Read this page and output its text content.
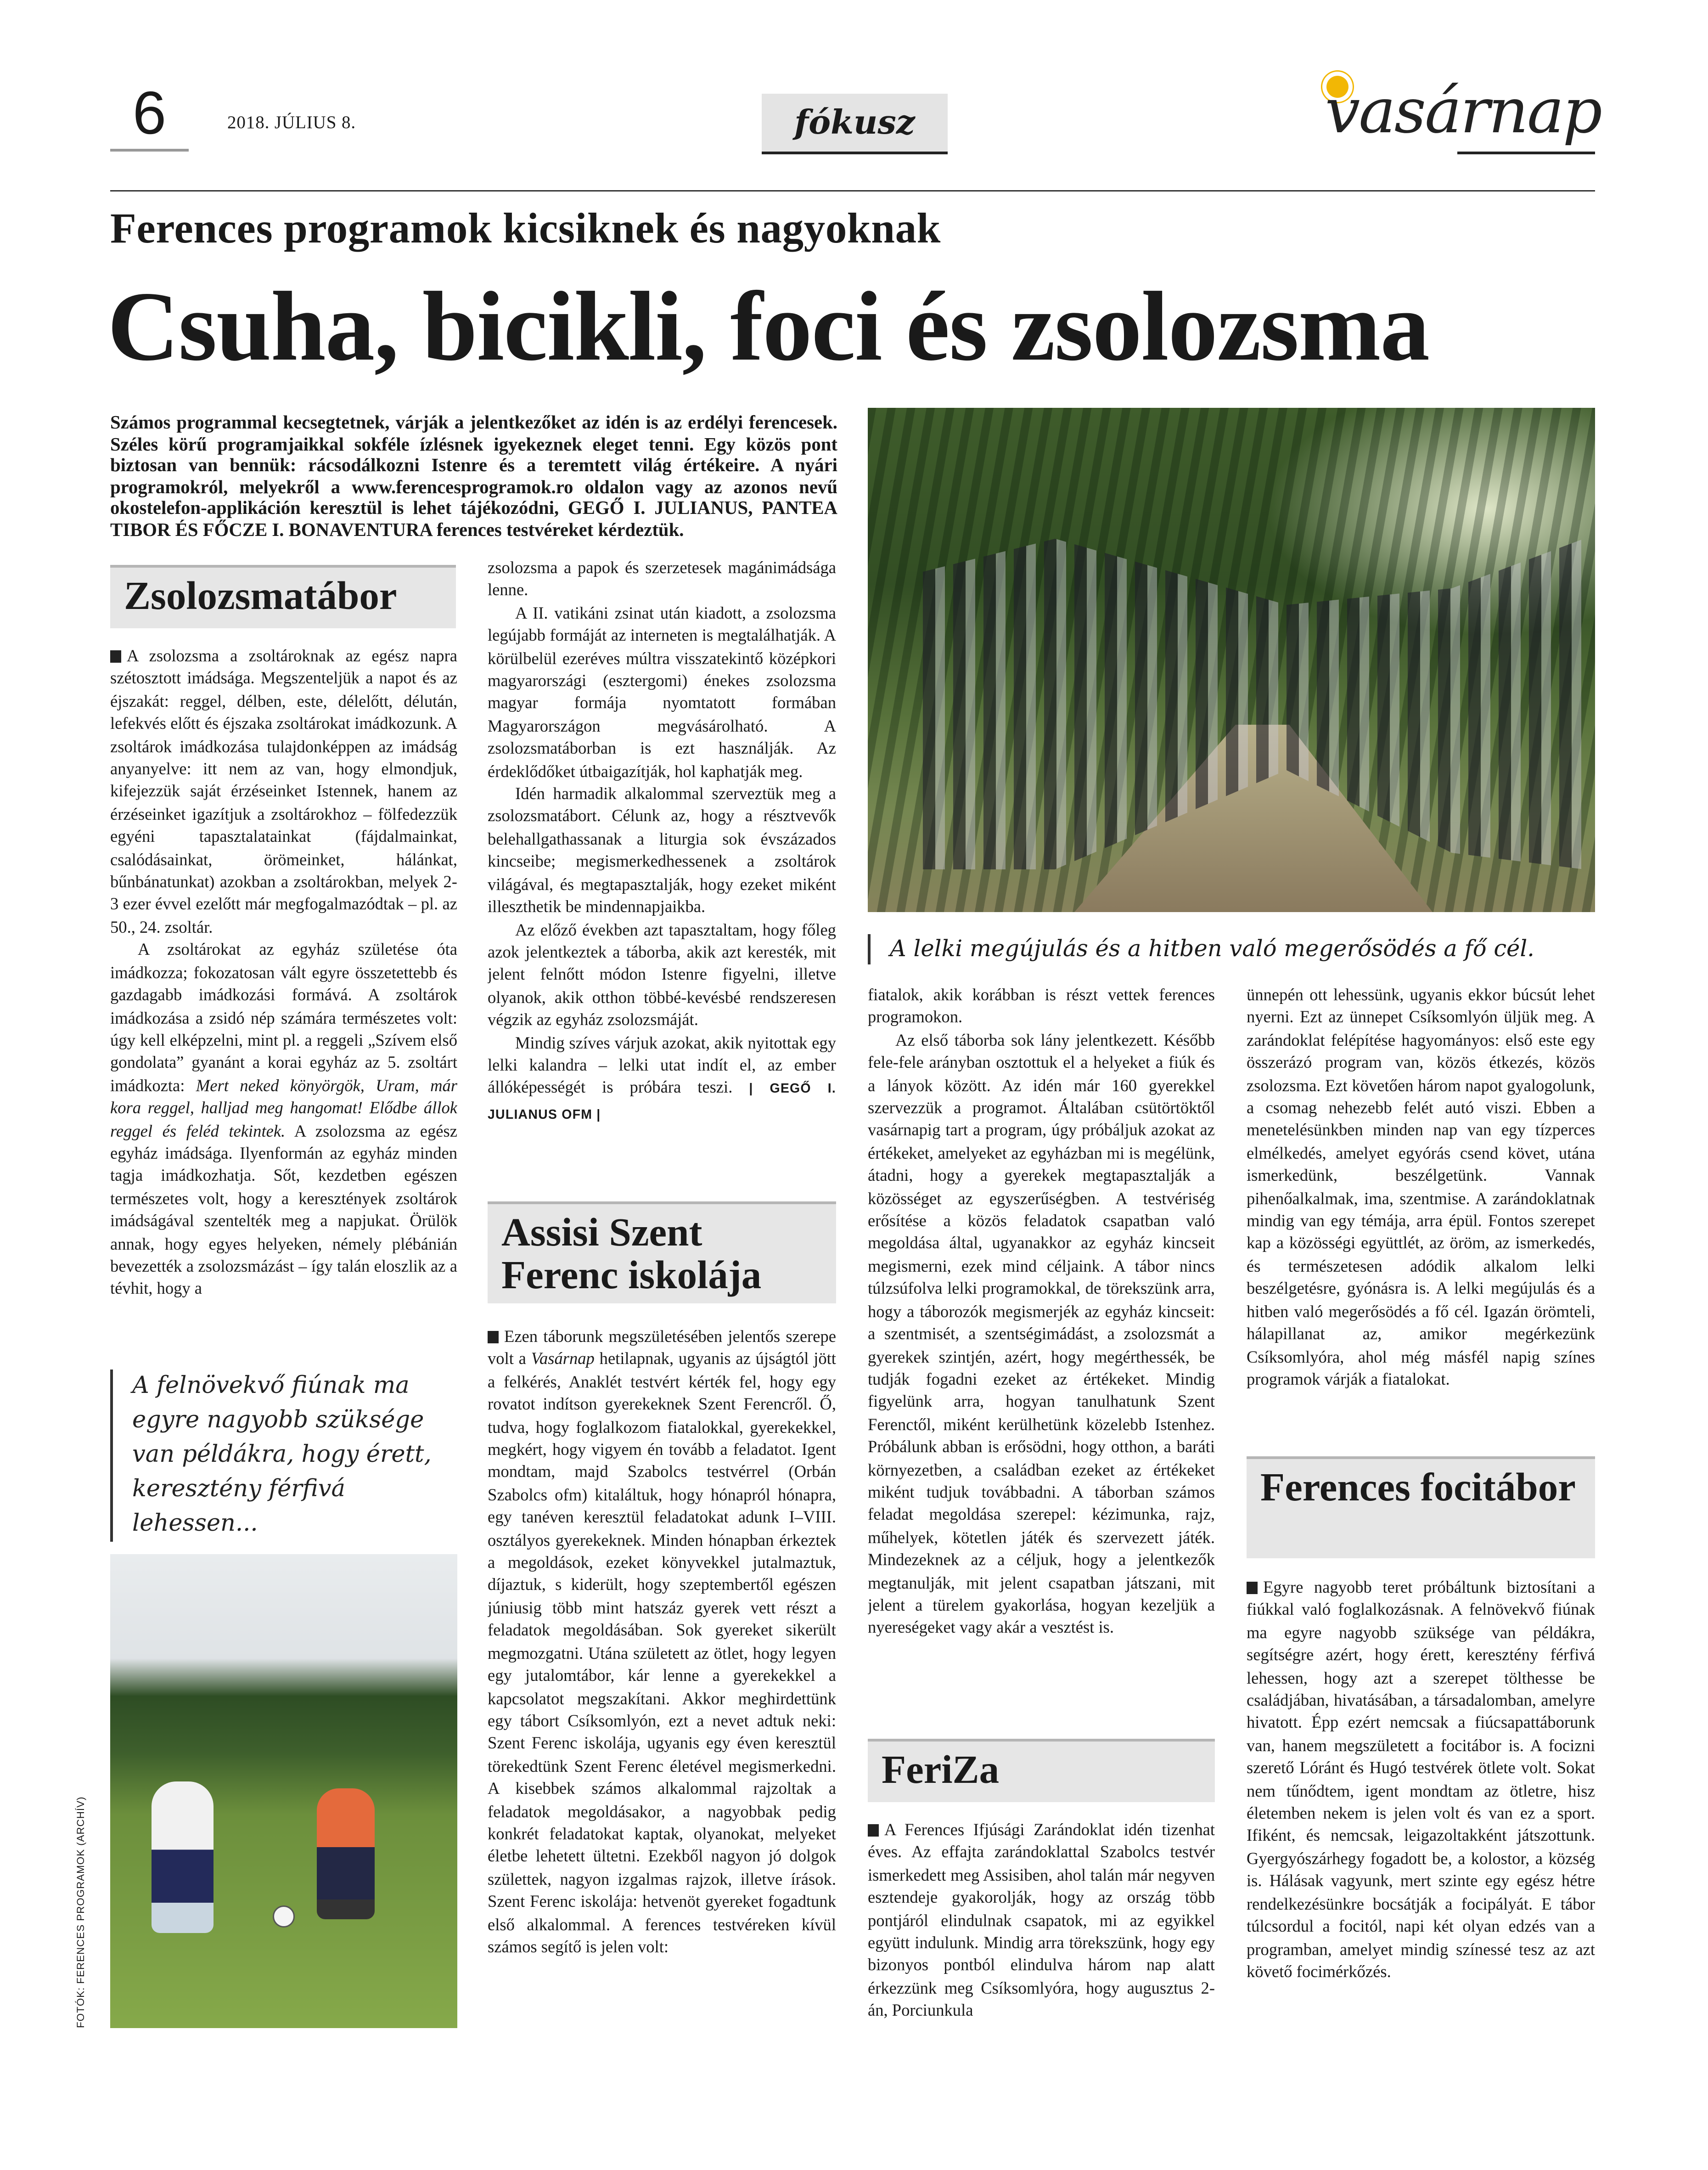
6	2018. JÚLIUS 8.	fókusz	vasárnap
Ferences programok kicsiknek és nagyoknak
Csuha, bicikli, foci és zsolozsma
Számos programmal kecsegtetnek, várják a jelentkezőket az idén is az erdélyi ferencesek. Széles körű programjaikkal sokféle ízlésnek igyekeznek eleget tenni. Egy közös pont biztosan van bennük: rácsodálkozni Istenre és a teremtett világ értékeire. A nyári programokról, melyekről a www.ferencesprogramok.ro oldalon vagy az azonos nevű okostelefon-applikáción keresztül is lehet tájékozódni, GEGŐ I. JULIANUS, PANTEA TIBOR ÉS FŐCZE I. BONAVENTURA ferences testvéreket kérdeztük.
A lelki megújulás és a hitben való megerősödés a fő cél.
Zsolozsmatábor

A zsolozsma a zsoltároknak az egész napra szétosztott imádsága. Megszenteljük a napot és az éjszakát: reggel, délben, este, délelőtt, délután, lefekvés előtt és éjszaka zsoltárokat imádkozunk. A zsoltárok imádkozása tulajdonképpen az imádság anyanyelve: itt nem az van, hogy elmondjuk, kifejezzük saját érzéseinket Istennek, hanem az érzéseinket igazítjuk a zsoltárokhoz – fölfedezzük egyéni tapasztalatainkat (fájdalmainkat, csalódásainkat, örömeinket, hálánkat, bűnbánatunkat) azokban a zsoltárokban, melyek 2-3 ezer évvel ezelőtt már megfogalmazódtak – pl. az 50., 24. zsoltár.

A zsoltárokat az egyház születése óta imádkozza; fokozatosan vált egyre összetettebb és gazdagabb imádkozási formává. A zsoltárok imádkozása a zsidó nép számára természetes volt: úgy kell elképzelni, mint pl. a reggeli „Szívem első gondolata” gyanánt a korai egyház az 5. zsoltárt imádkozta: Mert neked könyörgök, Uram, már kora reggel, halljad meg hangomat! Elődbe állok reggel és feléd tekintek. A zsolozsma az egész egyház imádsága. Ilyenformán az egyház minden tagja imádkozhatja. Sőt, kezdetben egészen természetes volt, hogy a keresztények zsoltárok imádságával szentelték meg a napjukat. Örülök annak, hogy egyes helyeken, némely plébánián bevezették a zsolozsmázást – így talán eloszlik az a tévhit, hogy a

A felnövekvő fiúnak ma egyre nagyobb szüksége van példákra, hogy érett, keresztény férfivá lehessen...
FOTÓK: FERENCES PROGRAMOK (ARCHÍV)

zsolozsma a papok és szerzetesek magánimádsága lenne.

A II. vatikáni zsinat után kiadott, a zsolozsma legújabb formáját az interneten is megtalálhatják. A körülbelül ezeréves múltra visszatekintő középkori magyarországi (esztergomi) énekes zsolozsma magyar formája nyomtatott formában Magyarországon megvásárolható. A zsolozsmatáborban is ezt használják. Az érdeklődőket útbaigazítják, hol kaphatják meg.

Idén harmadik alkalommal szerveztük meg a zsolozsmatábort. Célunk az, hogy a résztvevők belehallgathassanak a liturgia sok évszázados kincseibe; megismerkedhessenek a zsoltárok világával, és megtapasztalják, hogy ezeket miként illeszthetik be mindennapjaikba.

Az előző években azt tapasztaltam, hogy főleg azok jelentkeztek a táborba, akik azt keresték, mit jelent felnőtt módon Istenre figyelni, illetve olyanok, akik otthon többé-kevésbé rendszeresen végzik az egyház zsolozsmáját.

Mindig szíves várjuk azokat, akik nyitottak egy lelki kalandra – lelki utat indít el, az ember állóképességét is próbára teszi.	| GEGŐ I. JULIANUS OFM |

Assisi Szent Ferenc iskolája

Ezen táborunk megszületésében jelentős szerepe volt a Vasárnap hetilapnak, ugyanis az újságtól jött a felkérés, Anaklét testvért kérték fel, hogy egy rovatot indítson gyerekeknek Szent Ferencről. Ő, tudva, hogy foglalkozom fiatalokkal, gyerekekkel, megkért, hogy vigyem én tovább a feladatot. Igent mondtam, majd Szabolcs testvérrel (Orbán Szabolcs ofm) kitaláltuk, hogy hónapról hónapra, egy tanéven keresztül feladatokat adunk I–VIII. osztályos gyerekeknek. Minden hónapban érkeztek a megoldások, ezeket könyvekkel jutalmaztuk, díjaztuk, s kiderült, hogy szeptembertől egészen júniusig több mint hatszáz gyerek vett részt a feladatok megoldásában. Sok gyereket sikerült megmozgatni. Utána született az ötlet, hogy legyen egy jutalomtábor, kár lenne a gyerekekkel a kapcsolatot megszakítani. Akkor meghirdettünk egy tábort Csíksomlyón, ezt a nevet adtuk neki: Szent Ferenc iskolája, ugyanis egy éven keresztül törekedtünk Szent Ferenc életével megismerkedni. A kisebbek számos alkalommal rajzoltak a feladatok megoldásakor, a nagyobbak pedig konkrét feladatokat kaptak, olyanokat, melyeket életbe lehetett ültetni. Ezekből nagyon jó dolgok születtek, nagyon izgalmas rajzok, illetve írások. Szent Ferenc iskolája: hetvenöt gyereket fogadtunk első alkalommal. A ferences testvéreken kívül számos segítő is jelen volt:

fiatalok, akik korábban is részt vettek ferences programokon.

Az első táborba sok lány jelentkezett. Később fele-fele arányban osztottuk el a helyeket a fiúk és a lányok között. Az idén már 160 gyerekkel szervezzük a programot. Általában csütörtöktől vasárnapig tart a program, úgy próbáljuk azokat az értékeket, amelyeket az egyházban mi is megélünk, átadni, hogy a gyerekek megtapasztalják a közösséget az egyszerűségben. A testvériség erősítése a közös feladatok csapatban való megoldása által, ugyanakkor az egyház kincseit megismerni, ezek mind céljaink. A tábor nincs túlzsúfolva lelki programokkal, de törekszünk arra, hogy a táborozók megismerjék az egyház kincseit: a szentmisét, a szentségimádást, a zsolozsmát a gyerekek szintjén, azért, hogy megérthessék, be tudják fogadni ezeket az értékeket. Mindig figyelünk arra, hogyan tanulhatunk Szent Ferenctől, miként kerülhetünk közelebb Istenhez. Próbálunk abban is erősödni, hogy otthon, a baráti környezetben, a családban ezeket az értékeket miként tudjuk továbbadni. A táborban számos feladat megoldása szerepel: kézimunka, rajz, műhelyek, kötetlen játék és szervezett játék. Mindezeknek az a céljuk, hogy a jelentkezők megtanulják, mit jelent csapatban játszani, mit jelent a türelem gyakorlása, hogyan kezeljük a nyereségeket vagy akár a vesztést is.

FeriZa

A Ferences Ifjúsági Zarándoklat idén tizenhat éves. Az effajta zarándoklattal Szabolcs testvér ismerkedett meg Assisiben, ahol talán már negyven esztendeje gyakorolják, hogy az ország több pontjáról elindulnak csapatok, mi az egyikkel együtt indulunk. Mindig arra törekszünk, hogy egy bizonyos pontból elindulva három nap alatt érkezzünk meg Csíksomlyóra, hogy augusztus 2-án, Porciunkula

ünnepén ott lehessünk, ugyanis ekkor búcsút lehet nyerni. Ezt az ünnepet Csíksomlyón üljük meg. A zarándoklat felépítése hagyományos: első este egy összerázó program van, közös étkezés, közös zsolozsma. Ezt követően három napot gyalogolunk, a csomag nehezebb felét autó viszi. Ebben a menetelésünkben minden nap van egy tízperces elmélkedés, amelyet egyórás csend követ, utána ismerkedünk, beszélgetünk. Vannak pihenőalkalmak, ima, szentmise. A zarándoklatnak mindig van egy témája, arra épül. Fontos szerepet kap a közösségi együttlét, az öröm, az ismerkedés, és természetesen adódik alkalom lelki beszélgetésre, gyónásra is. A lelki megújulás és a hitben való megerősödés a fő cél. Igazán örömteli, hálapillanat az, amikor megérkezünk Csíksomlyóra, ahol még másfél napig színes programok várják a fiatalokat.

Ferences focitábor

Egyre nagyobb teret próbáltunk biztosítani a fiúkkal való foglalkozásnak. A felnövekvő fiúnak ma egyre nagyobb szüksége van példákra, segítségre azért, hogy érett, keresztény férfivá lehessen, hogy azt a szerepet tölthesse be családjában, hivatásában, a társadalomban, amelyre hivatott. Épp ezért nemcsak a fiúcsapattáborunk van, hanem megszületett a focitábor is. A focizni szerető Lóránt és Hugó testvérek ötlete volt. Sokat nem tűnődtem, igent mondtam az ötletre, hisz életemben nekem is jelen volt és van ez a sport. Ifiként, és nemcsak, leigazoltakként játszottunk. Gyergyószárhegy fogadott be, a kolostor, a község is. Hálásak vagyunk, mert szinte egy egész hétre rendelkezésünkre bocsátják a focipályát. E tábor túlcsordul a focitól, napi két olyan edzés van a programban, amelyet mindig színessé tesz az azt követő focimérkőzés.
